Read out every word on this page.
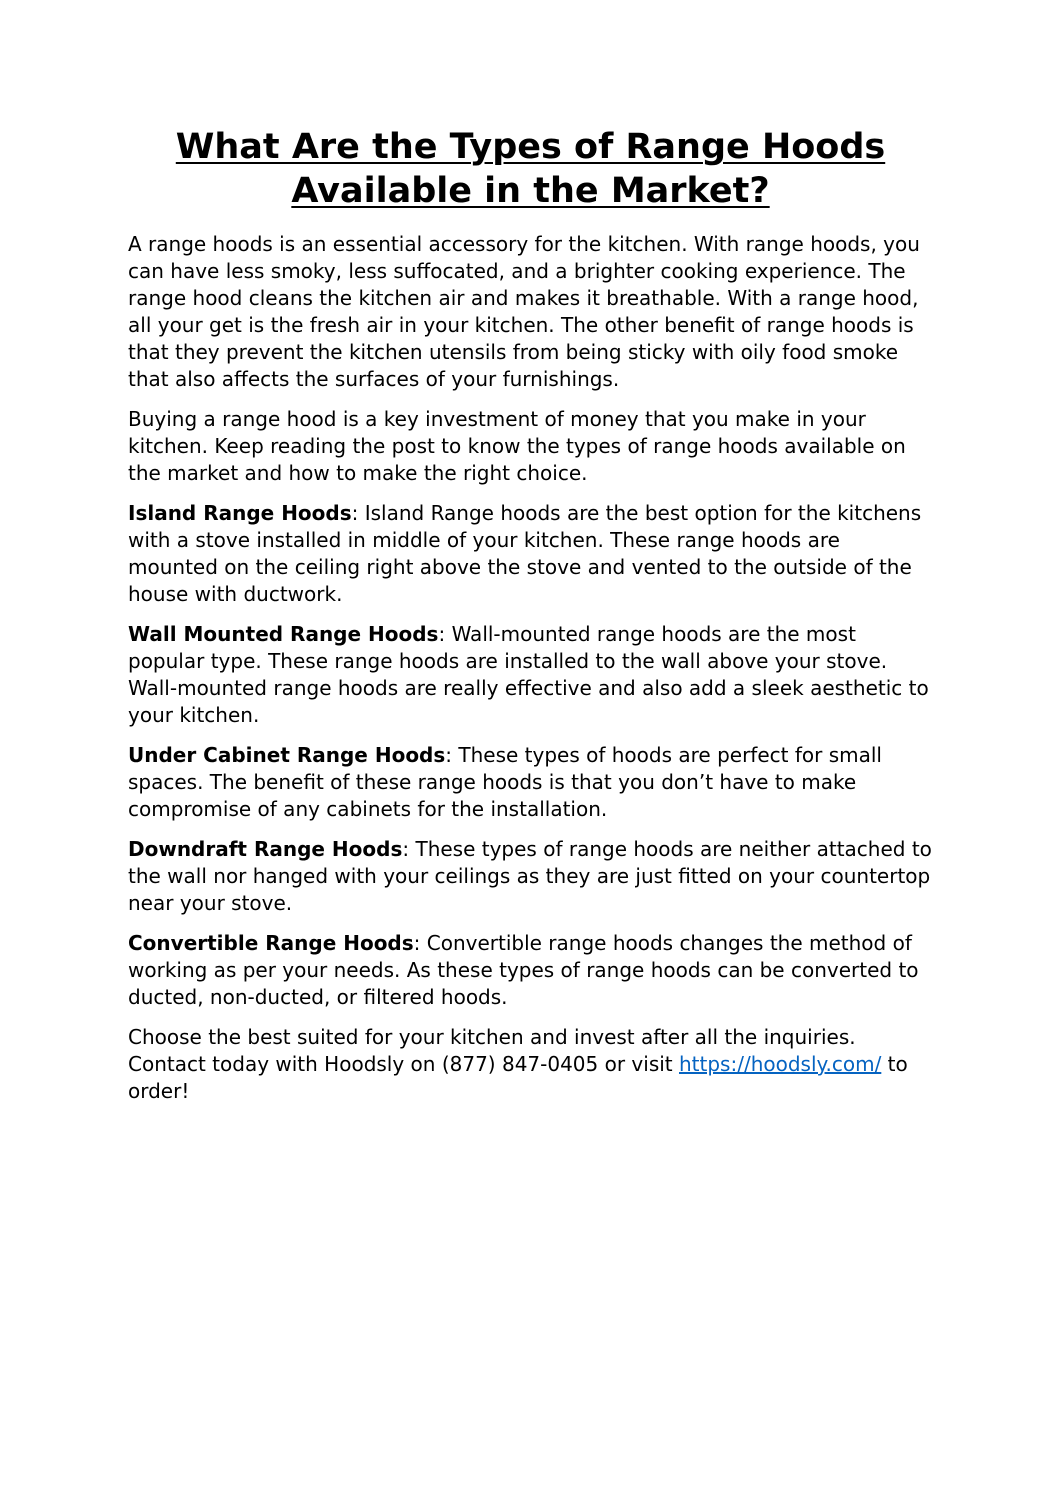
What Are the Types of Range Hoods
Available in the Market?

A range hoods is an essential accessory for the kitchen. With range hoods, you can have less smoky, less suffocated, and a brighter cooking experience. The range hood cleans the kitchen air and makes it breathable. With a range hood, all your get is the fresh air in your kitchen. The other benefit of range hoods is that they prevent the kitchen utensils from being sticky with oily food smoke that also affects the surfaces of your furnishings.

Buying a range hood is a key investment of money that you make in your kitchen. Keep reading the post to know the types of range hoods available on the market and how to make the right choice.

Island Range Hoods: Island Range hoods are the best option for the kitchens with a stove installed in middle of your kitchen. These range hoods are mounted on the ceiling right above the stove and vented to the outside of the house with ductwork.

Wall Mounted Range Hoods: Wall-mounted range hoods are the most popular type. These range hoods are installed to the wall above your stove. Wall-mounted range hoods are really effective and also add a sleek aesthetic to your kitchen.

Under Cabinet Range Hoods: These types of hoods are perfect for small spaces. The benefit of these range hoods is that you don’t have to make compromise of any cabinets for the installation.

Downdraft Range Hoods: These types of range hoods are neither attached to the wall nor hanged with your ceilings as they are just fitted on your countertop near your stove.

Convertible Range Hoods: Convertible range hoods changes the method of working as per your needs. As these types of range hoods can be converted to ducted, non-ducted, or filtered hoods.

Choose the best suited for your kitchen and invest after all the inquiries. Contact today with Hoodsly on (877) 847-0405 or visit https://hoodsly.com/ to order!
